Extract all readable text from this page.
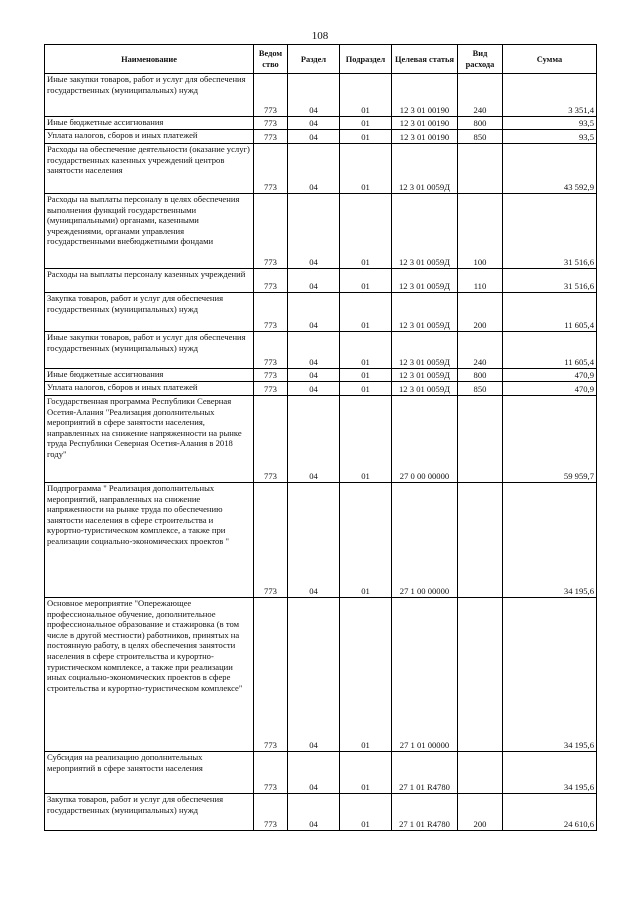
108
Наименование	Ведом ство	Раздел	Подраздел	Целевая статья	Вид расхода	Сумма

Иные закупки товаров, работ и услуг для обеспечения государственных (муниципальных) нужд	773	04	01	12 3 01 00190	240	3 351,4

Иные бюджетные ассигнования	773	04	01	12 3 01 00190	800	93,5

Уплата налогов, сборов и иных платежей	773	04	01	12 3 01 00190	850	93,5

Расходы на обеспечение деятельности (оказание услуг) государственных казенных учреждений центров занятости населения	773	04	01	12 3 01 0059Д		43 592,9

Расходы на выплаты персоналу в целях обеспечения выполнения функций государственными (муниципальными) органами, казенными учреждениями, органами управления государственными внебюджетными фондами	773	04	01	12 3 01 0059Д	100	31 516,6

Расходы на выплаты персоналу казенных учреждений	773	04	01	12 3 01 0059Д	110	31 516,6

Закупка товаров, работ и услуг для обеспечения государственных (муниципальных) нужд	773	04	01	12 3 01 0059Д	200	11 605,4

Иные закупки товаров, работ и услуг для обеспечения государственных (муниципальных) нужд	773	04	01	12 3 01 0059Д	240	11 605,4

Иные бюджетные ассигнования	773	04	01	12 3 01 0059Д	800	470,9

Уплата налогов, сборов и иных платежей	773	04	01	12 3 01 0059Д	850	470,9

Государственная программа Республики Северная Осетия-Алания "Реализация дополнительных мероприятий в сфере занятости населения, направленных на снижение напряженности на рынке труда Республики Северная Осетия-Алания в 2018 году"	773	04	01	27 0 00 00000		59 959,7

Подпрограмма " Реализация дополнительных мероприятий, направленных на снижение напряженности на рынке труда по обеспечению занятости населения в сфере строительства и курортно-туристическом комплексе, а также при реализации социально-экономических проектов "	773	04	01	27 1 00 00000		34 195,6

Основное мероприятие "Опережающее профессиональное обучение, дополнительное профессиональное образование и стажировка (в том числе в другой местности) работников, принятых на постоянную работу, в целях обеспечения занятости населения в сфере строительства и курортно-туристическом комплексе, а также при реализации иных социально-экономических проектов в сфере строительства и курортно-туристическом комплексе"	773	04	01	27 1 01 00000		34 195,6

Субсидия на реализацию дополнительных мероприятий в сфере занятости населения	773	04	01	27 1 01 R4780		34 195,6

Закупка товаров, работ и услуг для обеспечения государственных (муниципальных) нужд	773	04	01	27 1 01 R4780	200	24 610,6
